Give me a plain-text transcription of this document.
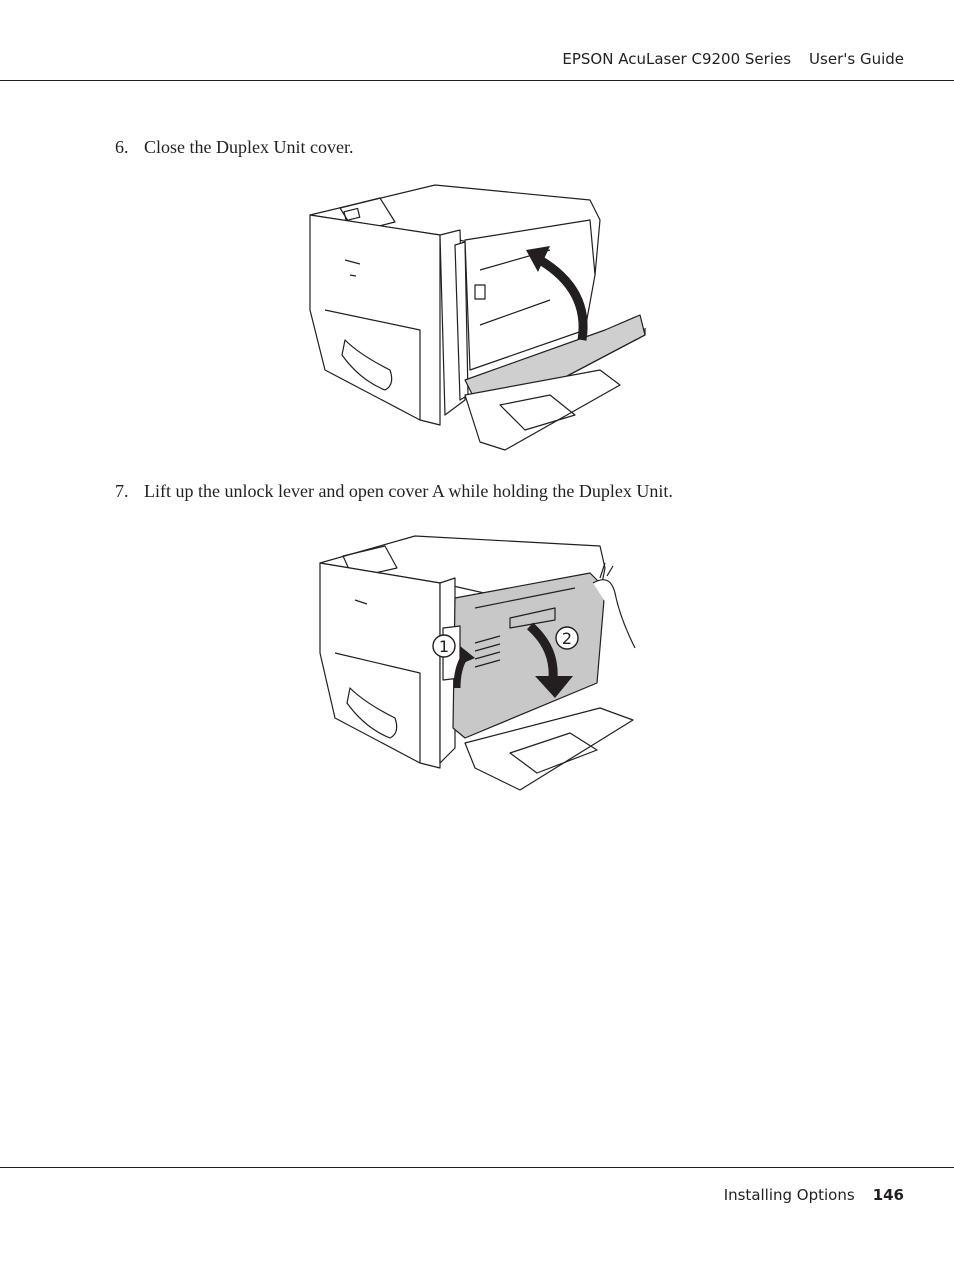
EPSON AcuLaser C9200 Series User's Guide
6. Close the Duplex Unit cover.
7. Lift up the unlock lever and open cover A while holding the Duplex Unit.
1	2
Installing Options 146
